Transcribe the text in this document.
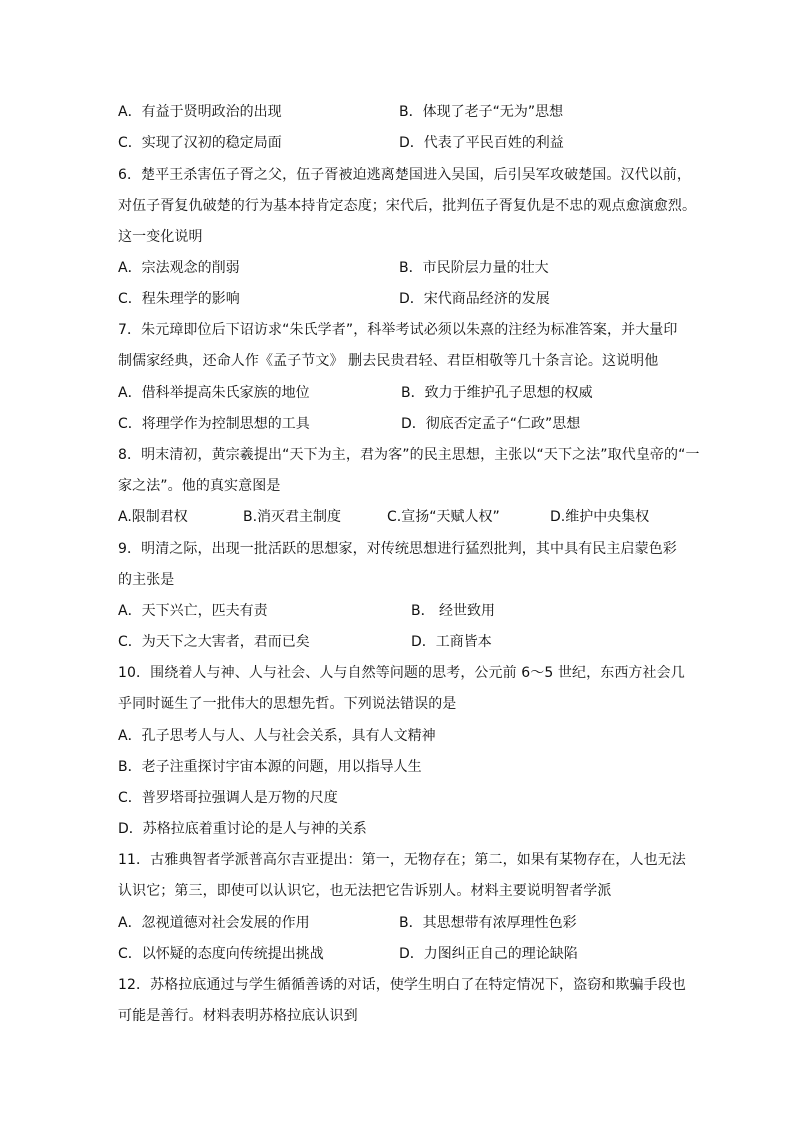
A．有益于贤明政治的出现	B．体现了老子“无为”思想
C．实现了汉初的稳定局面	D．代表了平民百姓的利益
6．楚平王杀害伍子胥之父，伍子胥被迫逃离楚国进入吴国，后引吴军攻破楚国。汉代以前，
对伍子胥复仇破楚的行为基本持肯定态度；宋代后，批判伍子胥复仇是不忠的观点愈演愈烈。
这一变化说明
A．宗法观念的削弱	B．市民阶层力量的壮大
C．程朱理学的影响	D．宋代商品经济的发展
7．朱元璋即位后下诏访求“朱氏学者”，科举考试必须以朱熹的注经为标准答案，并大量印
制儒家经典，还命人作《孟子节文》 删去民贵君轻、君臣相敬等几十条言论。这说明他
A．借科举提高朱氏家族的地位	B．致力于维护孔子思想的权威
C．将理学作为控制思想的工具	D．彻底否定孟子“仁政”思想
8．明末清初，黄宗羲提出“天下为主，君为客”的民主思想，主张以“天下之法”取代皇帝的“一
家之法”。他的真实意图是
A.限制君权	B.消灭君主制度	C.宣扬“天赋人权”	D.维护中央集权
9．明清之际，出现一批活跃的思想家，对传统思想进行猛烈批判，其中具有民主启蒙色彩
的主张是
A．天下兴亡，匹夫有责	B． 经世致用
C．为天下之大害者，君而已矣	D．工商皆本
10．围绕着人与神、人与社会、人与自然等问题的思考，公元前 6～5 世纪，东西方社会几
乎同时诞生了一批伟大的思想先哲。下列说法错误的是
A．孔子思考人与人、人与社会关系，具有人文精神
B．老子注重探讨宇宙本源的问题，用以指导人生
C．普罗塔哥拉强调人是万物的尺度
D．苏格拉底着重讨论的是人与神的关系
11．古雅典智者学派普高尔吉亚提出：第一，无物存在；第二，如果有某物存在，人也无法
认识它；第三，即使可以认识它，也无法把它告诉别人。材料主要说明智者学派
A．忽视道德对社会发展的作用	B．其思想带有浓厚理性色彩
C．以怀疑的态度向传统提出挑战	D．力图纠正自己的理论缺陷
12．苏格拉底通过与学生循循善诱的对话，使学生明白了在特定情况下，盗窃和欺骗手段也
可能是善行。材料表明苏格拉底认识到
